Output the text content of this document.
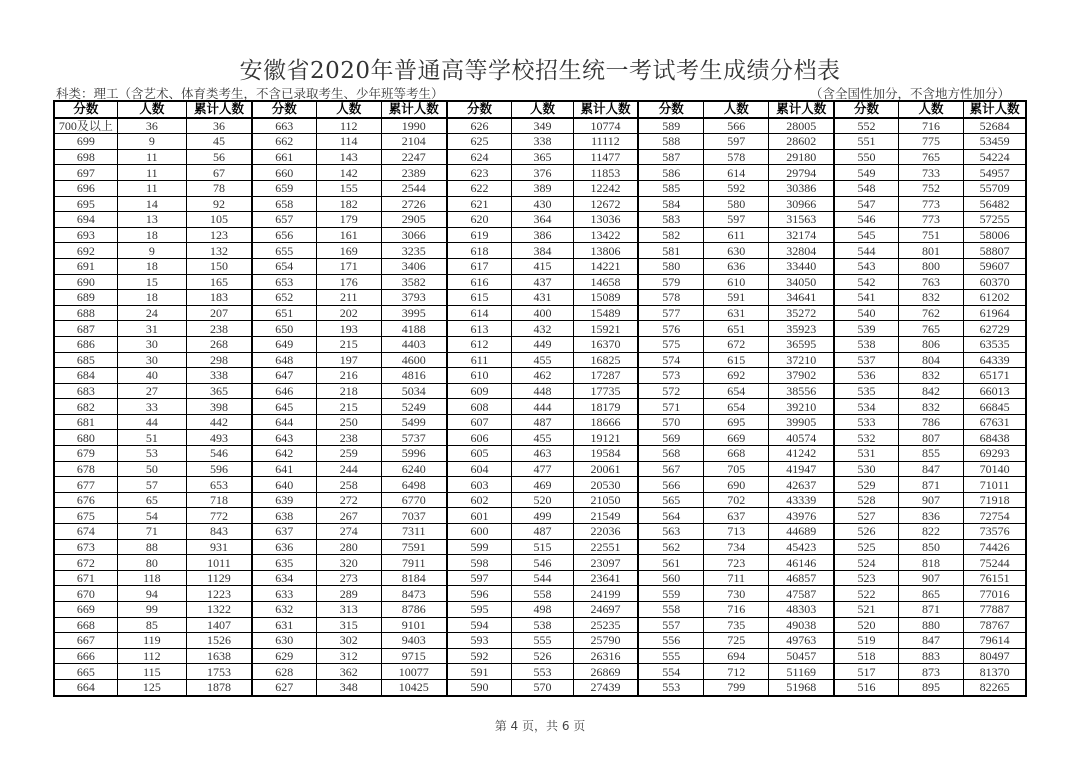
安徽省2020年普通高等学校招生统一考试考生成绩分档表
科类：理工（含艺术、体育类考生，不含已录取考生、少年班等考生）	（含全国性加分，不含地方性加分）
分数	人数	累计人数	分数	人数	累计人数	分数	人数	累计人数	分数	人数	累计人数	分数	人数	累计人数
700及以上	36	36	663	112	1990	626	349	10774	589	566	28005	552	716	52684
699	9	45	662	114	2104	625	338	11112	588	597	28602	551	775	53459
698	11	56	661	143	2247	624	365	11477	587	578	29180	550	765	54224
697	11	67	660	142	2389	623	376	11853	586	614	29794	549	733	54957
696	11	78	659	155	2544	622	389	12242	585	592	30386	548	752	55709
695	14	92	658	182	2726	621	430	12672	584	580	30966	547	773	56482
694	13	105	657	179	2905	620	364	13036	583	597	31563	546	773	57255
693	18	123	656	161	3066	619	386	13422	582	611	32174	545	751	58006
692	9	132	655	169	3235	618	384	13806	581	630	32804	544	801	58807
691	18	150	654	171	3406	617	415	14221	580	636	33440	543	800	59607
690	15	165	653	176	3582	616	437	14658	579	610	34050	542	763	60370
689	18	183	652	211	3793	615	431	15089	578	591	34641	541	832	61202
688	24	207	651	202	3995	614	400	15489	577	631	35272	540	762	61964
687	31	238	650	193	4188	613	432	15921	576	651	35923	539	765	62729
686	30	268	649	215	4403	612	449	16370	575	672	36595	538	806	63535
685	30	298	648	197	4600	611	455	16825	574	615	37210	537	804	64339
684	40	338	647	216	4816	610	462	17287	573	692	37902	536	832	65171
683	27	365	646	218	5034	609	448	17735	572	654	38556	535	842	66013
682	33	398	645	215	5249	608	444	18179	571	654	39210	534	832	66845
681	44	442	644	250	5499	607	487	18666	570	695	39905	533	786	67631
680	51	493	643	238	5737	606	455	19121	569	669	40574	532	807	68438
679	53	546	642	259	5996	605	463	19584	568	668	41242	531	855	69293
678	50	596	641	244	6240	604	477	20061	567	705	41947	530	847	70140
677	57	653	640	258	6498	603	469	20530	566	690	42637	529	871	71011
676	65	718	639	272	6770	602	520	21050	565	702	43339	528	907	71918
675	54	772	638	267	7037	601	499	21549	564	637	43976	527	836	72754
674	71	843	637	274	7311	600	487	22036	563	713	44689	526	822	73576
673	88	931	636	280	7591	599	515	22551	562	734	45423	525	850	74426
672	80	1011	635	320	7911	598	546	23097	561	723	46146	524	818	75244
671	118	1129	634	273	8184	597	544	23641	560	711	46857	523	907	76151
670	94	1223	633	289	8473	596	558	24199	559	730	47587	522	865	77016
669	99	1322	632	313	8786	595	498	24697	558	716	48303	521	871	77887
668	85	1407	631	315	9101	594	538	25235	557	735	49038	520	880	78767
667	119	1526	630	302	9403	593	555	25790	556	725	49763	519	847	79614
666	112	1638	629	312	9715	592	526	26316	555	694	50457	518	883	80497
665	115	1753	628	362	10077	591	553	26869	554	712	51169	517	873	81370
664	125	1878	627	348	10425	590	570	27439	553	799	51968	516	895	82265
第 4 页，共 6 页
